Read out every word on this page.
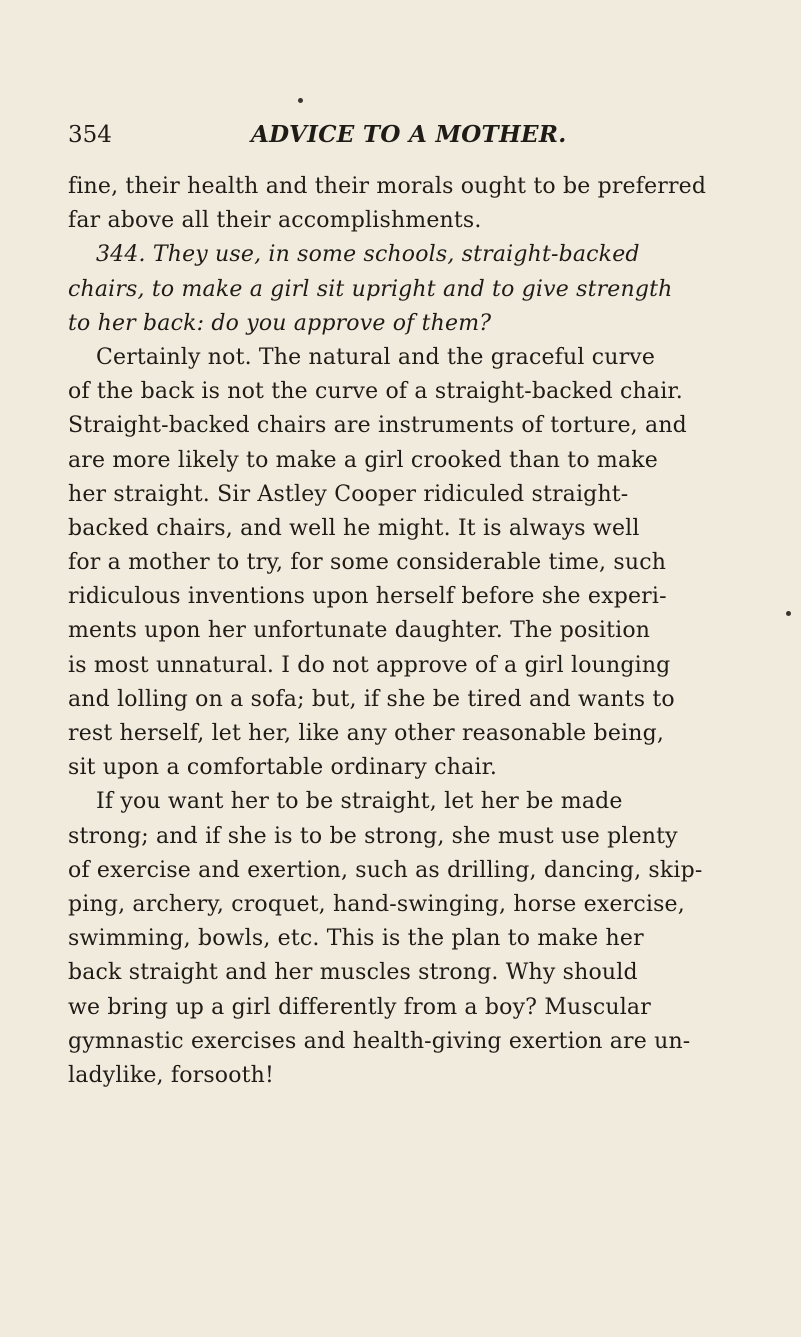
354	ADVICE TO A MOTHER.
fine, their health and their morals ought to be preferred
far above all their accomplishments.
344. They use, in some schools, straight-backed
chairs, to make a girl sit upright and to give strength
to her back: do you approve of them?
Certainly not. The natural and the graceful curve
of the back is not the curve of a straight-backed chair.
Straight-backed chairs are instruments of torture, and
are more likely to make a girl crooked than to make
her straight. Sir Astley Cooper ridiculed straight-
backed chairs, and well he might. It is always well
for a mother to try, for some considerable time, such
ridiculous inventions upon herself before she experi-
ments upon her unfortunate daughter. The position
is most unnatural. I do not approve of a girl lounging
and lolling on a sofa; but, if she be tired and wants to
rest herself, let her, like any other reasonable being,
sit upon a comfortable ordinary chair.
If you want her to be straight, let her be made
strong; and if she is to be strong, she must use plenty
of exercise and exertion, such as drilling, dancing, skip-
ping, archery, croquet, hand-swinging, horse exercise,
swimming, bowls, etc. This is the plan to make her
back straight and her muscles strong. Why should
we bring up a girl differently from a boy? Muscular
gymnastic exercises and health-giving exertion are un-
ladylike, forsooth!
